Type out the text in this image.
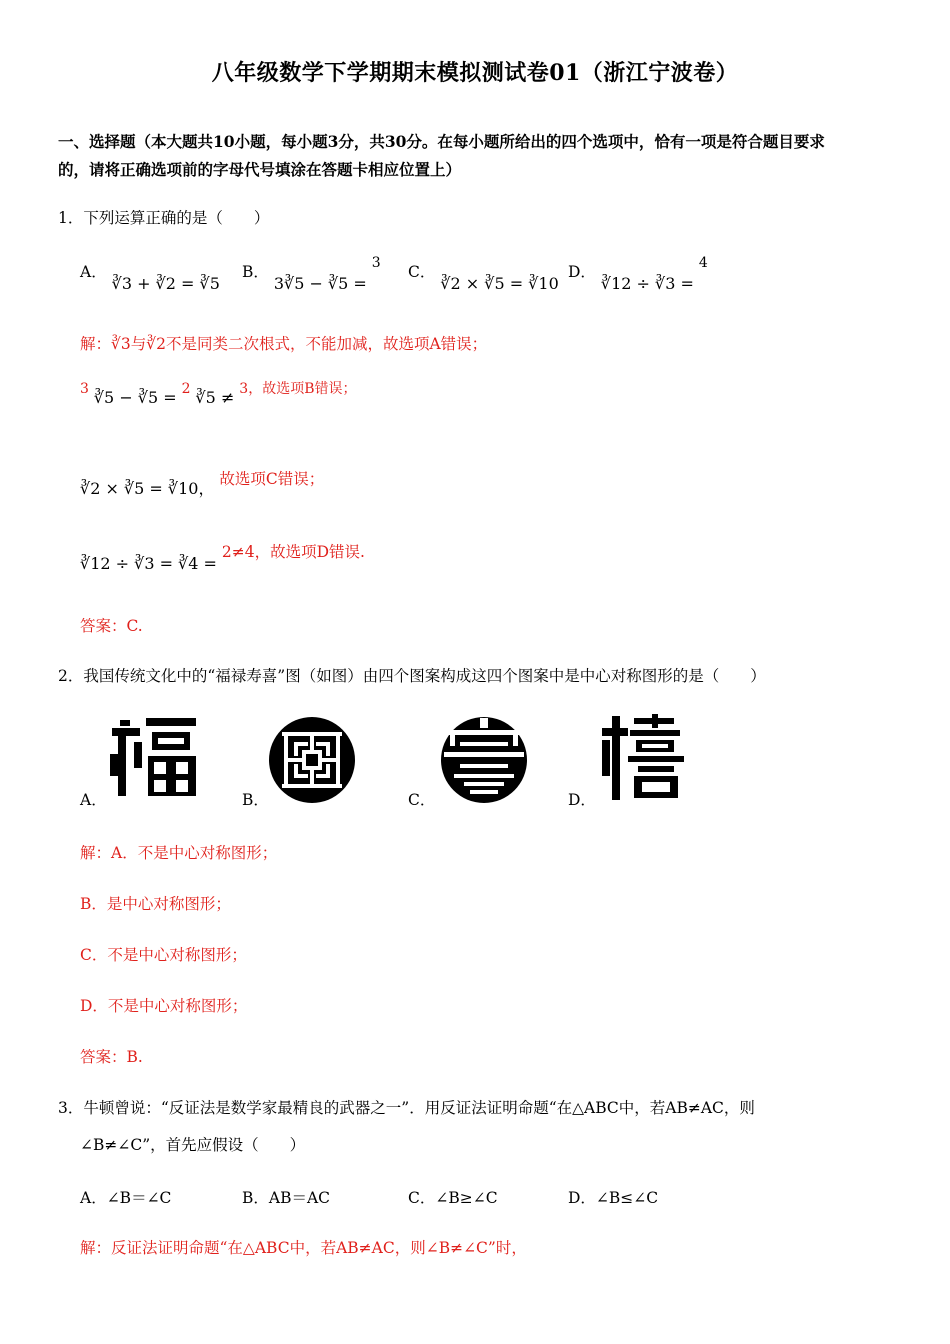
八年级数学下学期期末模拟测试卷01（浙江宁波卷）
一、选择题（本大题共10小题，每小题3分，共30分。在每小题所给出的四个选项中，恰有一项是符合题目要求
的，请将正确选项前的字母代号填涂在答题卡相应位置上）
1．下列运算正确的是（　　）
A． ∛3 + ∛2 = ∛5
B． 3∛5 − ∛5 = 3 C． ∛2 × ∛5 = ∛10
D． ∛12 ÷ ∛3 = 4
解：∛3与∛2不是同类二次根式，不能加减，故选项A错误；
3 ∛5 − ∛5 = 2 ∛5 ≠ 3，故选项B错误；
∛2 × ∛5 = ∛10， 故选项C错误；
∛12 ÷ ∛3 = ∛4 = 2≠4，故选项D错误.
答案：C.
2．我国传统文化中的“福禄寿喜”图（如图）由四个图案构成这四个图案中是中心对称图形的是（　　）
A．	B．	C．	D．
解：A．不是中心对称图形；
B．是中心对称图形；
C．不是中心对称图形；
D．不是中心对称图形；
答案：B.
3．牛顿曾说：“反证法是数学家最精良的武器之一”．用反证法证明命题“在△ABC中，若AB≠AC，则
∠B≠∠C”，首先应假设（　　）
A．∠B＝∠C	B．AB＝AC	C．∠B≥∠C	D．∠B≤∠C
解：反证法证明命题“在△ABC中，若AB≠AC，则∠B≠∠C”时，
